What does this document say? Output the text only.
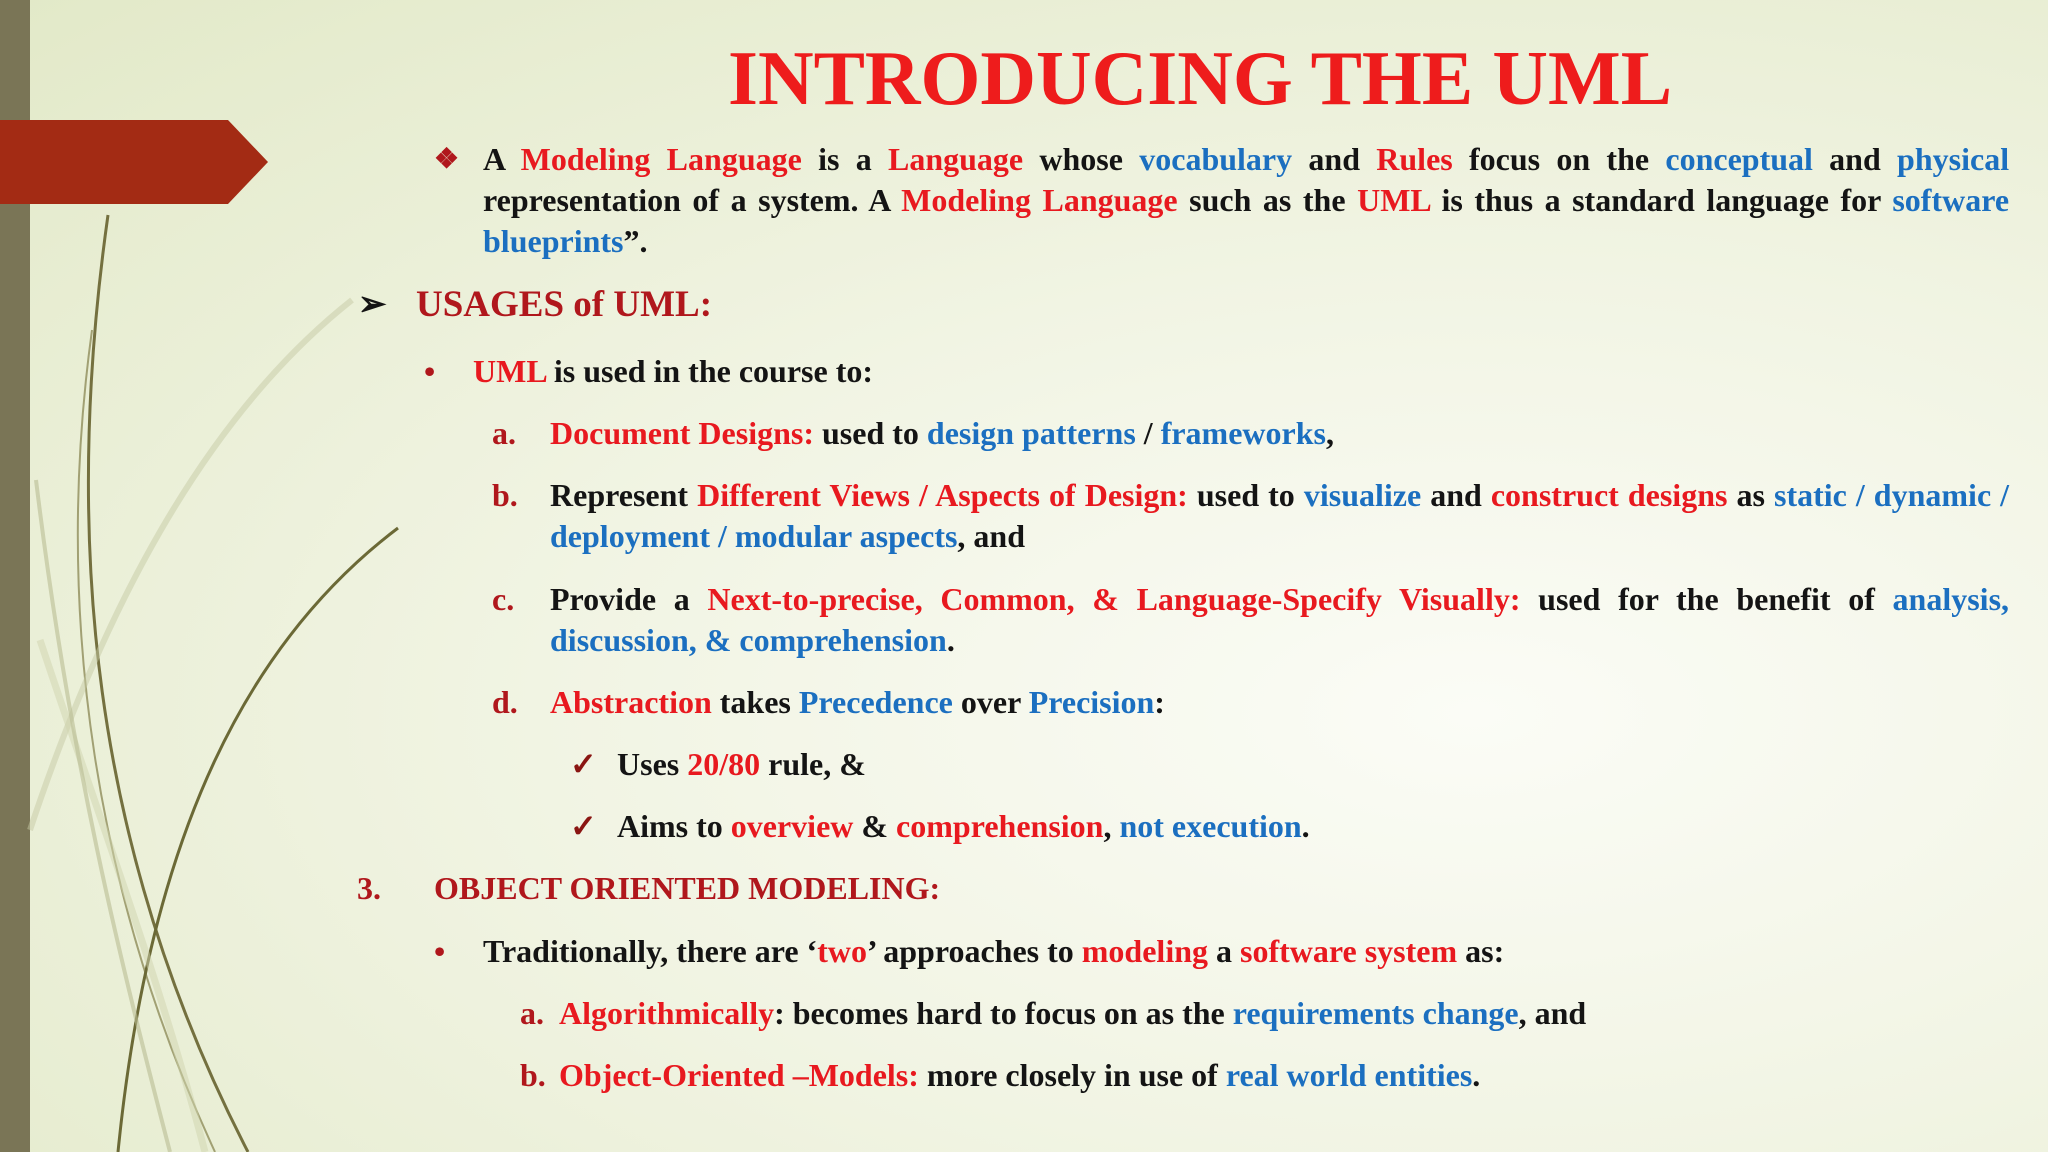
INTRODUCING THE UML
❖ A Modeling Language is a Language whose vocabulary and Rules focus on the conceptual and physical representation of a system. A Modeling Language such as the UML is thus a standard language for software blueprints”.
➢ USAGES of UML:
• UML is used in the course to:
a. Document Designs: used to design patterns / frameworks,
b. Represent Different Views / Aspects of Design: used to visualize and construct designs as static / dynamic / deployment / modular aspects, and
c. Provide a Next-to-precise, Common, & Language-Specify Visually: used for the benefit of analysis, discussion, & comprehension.
d. Abstraction takes Precedence over Precision:
✓ Uses 20/80 rule, &
✓ Aims to overview & comprehension, not execution.
3. OBJECT ORIENTED MODELING:
• Traditionally, there are ‘two’ approaches to modeling a software system as:
a. Algorithmically: becomes hard to focus on as the requirements change, and
b. Object-Oriented –Models: more closely in use of real world entities.
